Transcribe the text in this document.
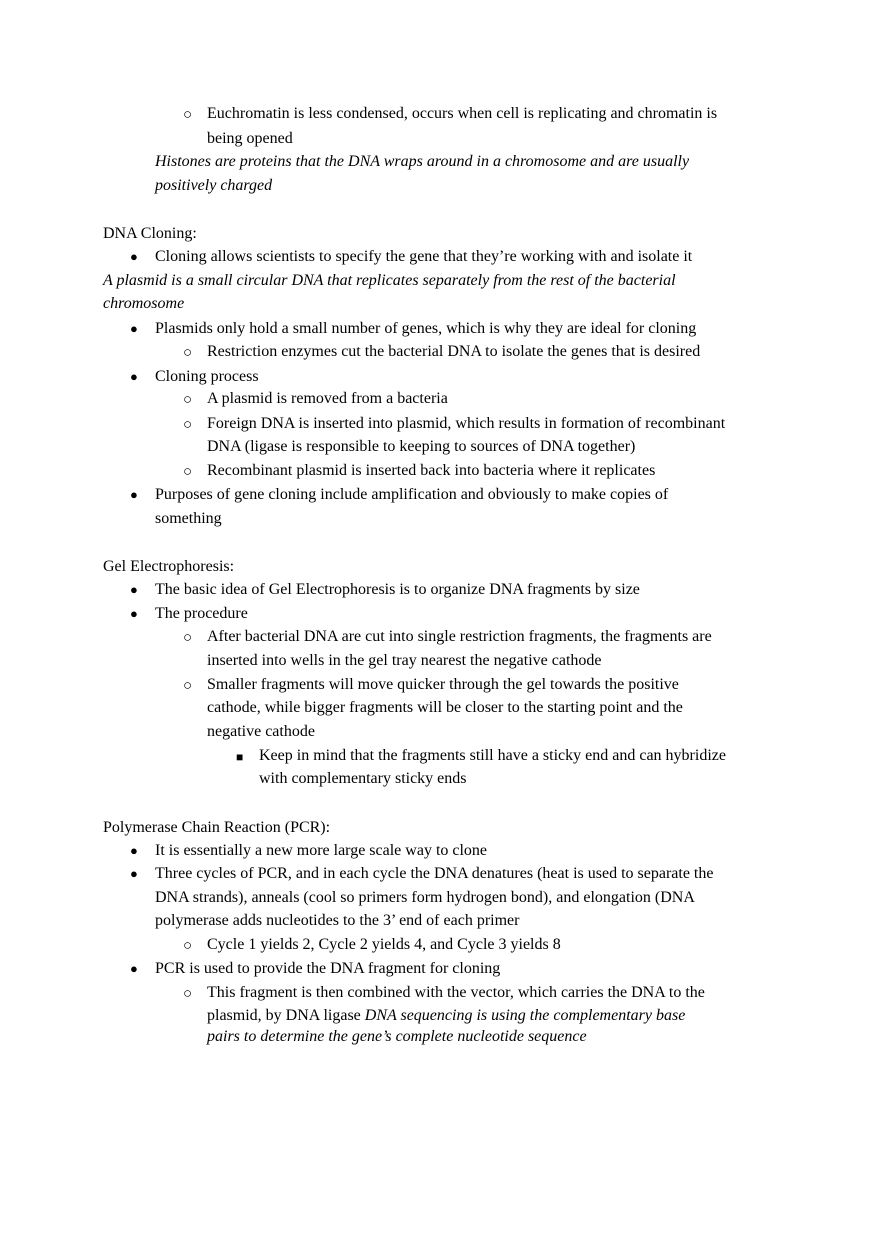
○ Euchromatin is less condensed, occurs when cell is replicating and chromatin is
being opened
Histones are proteins that the DNA wraps around in a chromosome and are usually
positively charged
DNA Cloning:
● Cloning allows scientists to specify the gene that they’re working with and isolate it
A plasmid is a small circular DNA that replicates separately from the rest of the bacterial
chromosome
● Plasmids only hold a small number of genes, which is why they are ideal for cloning
○ Restriction enzymes cut the bacterial DNA to isolate the genes that is desired
● Cloning process
○ A plasmid is removed from a bacteria
○ Foreign DNA is inserted into plasmid, which results in formation of recombinant
DNA (ligase is responsible to keeping to sources of DNA together)
○ Recombinant plasmid is inserted back into bacteria where it replicates
● Purposes of gene cloning include amplification and obviously to make copies of
something
Gel Electrophoresis:
● The basic idea of Gel Electrophoresis is to organize DNA fragments by size
● The procedure
○ After bacterial DNA are cut into single restriction fragments, the fragments are
inserted into wells in the gel tray nearest the negative cathode
○ Smaller fragments will move quicker through the gel towards the positive
cathode, while bigger fragments will be closer to the starting point and the
negative cathode
■ Keep in mind that the fragments still have a sticky end and can hybridize
with complementary sticky ends
Polymerase Chain Reaction (PCR):
● It is essentially a new more large scale way to clone
● Three cycles of PCR, and in each cycle the DNA denatures (heat is used to separate the
DNA strands), anneals (cool so primers form hydrogen bond), and elongation (DNA
polymerase adds nucleotides to the 3’ end of each primer
○ Cycle 1 yields 2, Cycle 2 yields 4, and Cycle 3 yields 8
● PCR is used to provide the DNA fragment for cloning
○ This fragment is then combined with the vector, which carries the DNA to the
plasmid, by DNA ligase DNA sequencing is using the complementary base
pairs to determine the gene’s complete nucleotide sequence
